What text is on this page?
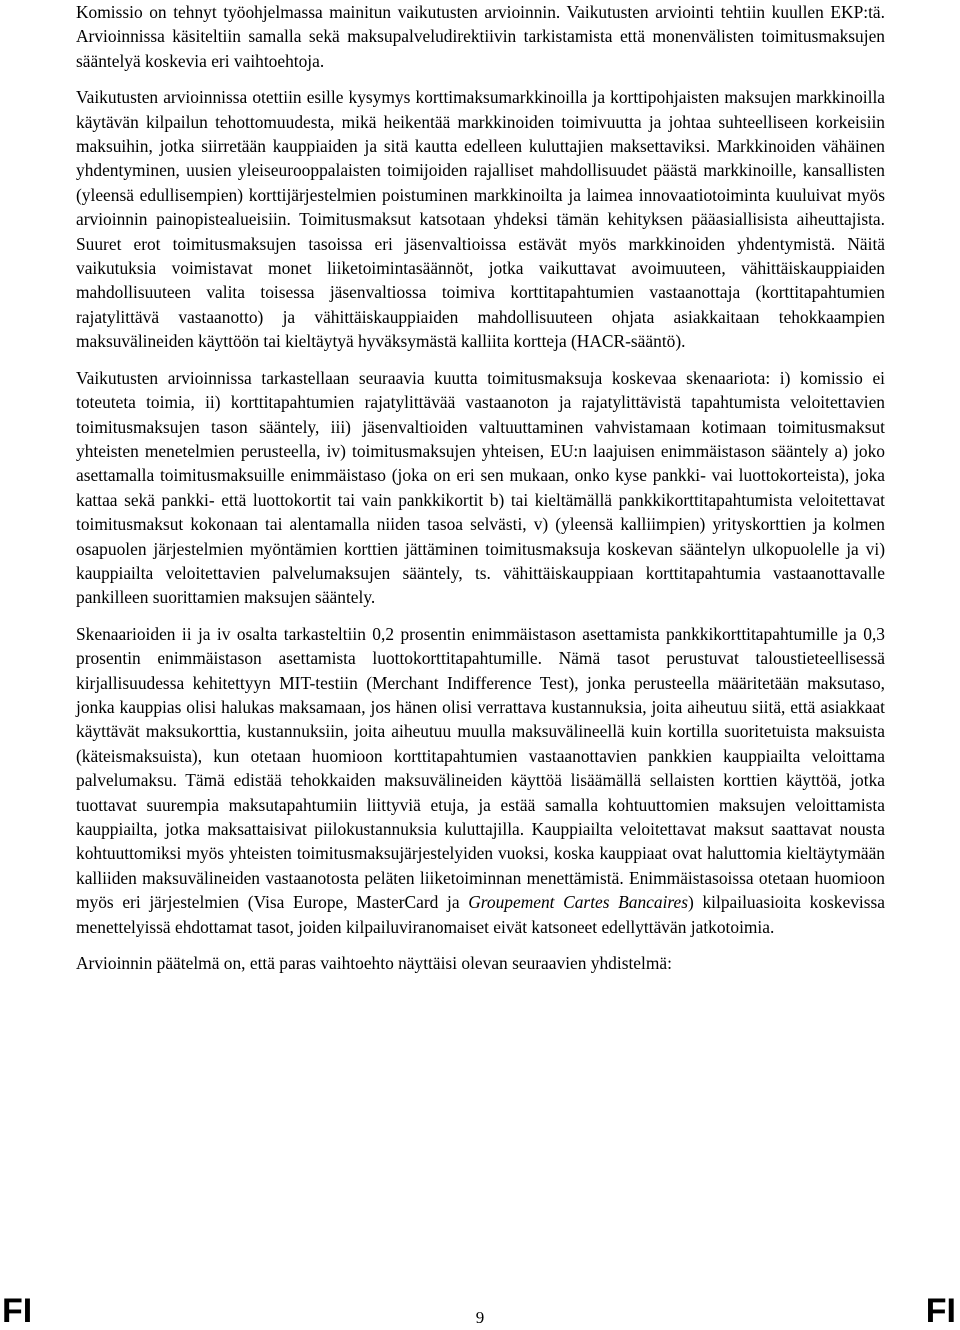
Komissio on tehnyt työohjelmassa mainitun vaikutusten arvioinnin. Vaikutusten arviointi tehtiin kuullen EKP:tä. Arvioinnissa käsiteltiin samalla sekä maksupalveludirektiivin tarkistamista että monenvälisten toimitusmaksujen sääntelyä koskevia eri vaihtoehtoja.

Vaikutusten arvioinnissa otettiin esille kysymys korttimaksumarkkinoilla ja korttipohjaisten maksujen markkinoilla käytävän kilpailun tehottomuudesta, mikä heikentää markkinoiden toimivuutta ja johtaa suhteelliseen korkeisiin maksuihin, jotka siirretään kauppiaiden ja sitä kautta edelleen kuluttajien maksettaviksi. Markkinoiden vähäinen yhdentyminen, uusien yleiseurooppalaisten toimijoiden rajalliset mahdollisuudet päästä markkinoille, kansallisten (yleensä edullisempien) korttijärjestelmien poistuminen markkinoilta ja laimea innovaatiotoiminta kuuluivat myös arvioinnin painopistealueisiin. Toimitusmaksut katsotaan yhdeksi tämän kehityksen pääasiallisista aiheuttajista. Suuret erot toimitusmaksujen tasoissa eri jäsenvaltioissa estävät myös markkinoiden yhdentymistä. Näitä vaikutuksia voimistavat monet liiketoimintasäännöt, jotka vaikuttavat avoimuuteen, vähittäiskauppiaiden mahdollisuuteen valita toisessa jäsenvaltiossa toimiva korttitapahtumien vastaanottaja (korttitapahtumien rajatylittävä vastaanotto) ja vähittäiskauppiaiden mahdollisuuteen ohjata asiakkaitaan tehokkaampien maksuvälineiden käyttöön tai kieltäytyä hyväksymästä kalliita kortteja (HACR-sääntö).

Vaikutusten arvioinnissa tarkastellaan seuraavia kuutta toimitusmaksuja koskevaa skenaariota: i) komissio ei toteuteta toimia, ii) korttitapahtumien rajatylittävää vastaanoton ja rajatylittävistä tapahtumista veloitettavien toimitusmaksujen tason sääntely, iii) jäsenvaltioiden valtuuttaminen vahvistamaan kotimaan toimitusmaksut yhteisten menetelmien perusteella, iv) toimitusmaksujen yhteisen, EU:n laajuisen enimmäistason sääntely a) joko asettamalla toimitusmaksuille enimmäistaso (joka on eri sen mukaan, onko kyse pankki- vai luottokorteista), joka kattaa sekä pankki- että luottokortit tai vain pankkikortit b) tai kieltämällä pankkikorttitapahtumista veloitettavat toimitusmaksut kokonaan tai alentamalla niiden tasoa selvästi, v) (yleensä kalliimpien) yrityskorttien ja kolmen osapuolen järjestelmien myöntämien korttien jättäminen toimitusmaksuja koskevan sääntelyn ulkopuolelle ja vi) kauppiailta veloitettavien palvelumaksujen sääntely, ts. vähittäiskauppiaan korttitapahtumia vastaanottavalle pankilleen suorittamien maksujen sääntely.

Skenaarioiden ii ja iv osalta tarkasteltiin 0,2 prosentin enimmäistason asettamista pankkikorttitapahtumille ja 0,3 prosentin enimmäistason asettamista luottokorttitapahtumille. Nämä tasot perustuvat taloustieteellisessä kirjallisuudessa kehitettyyn MIT-testiin (Merchant Indifference Test), jonka perusteella määritetään maksutaso, jonka kauppias olisi halukas maksamaan, jos hänen olisi verrattava kustannuksia, joita aiheutuu siitä, että asiakkaat käyttävät maksukorttia, kustannuksiin, joita aiheutuu muulla maksuvälineellä kuin kortilla suoritetuista maksuista (käteismaksuista), kun otetaan huomioon korttitapahtumien vastaanottavien pankkien kauppiailta veloittama palvelumaksu. Tämä edistää tehokkaiden maksuvälineiden käyttöä lisäämällä sellaisten korttien käyttöä, jotka tuottavat suurempia maksutapahtumiin liittyviä etuja, ja estää samalla kohtuuttomien maksujen veloittamista kauppiailta, jotka maksattaisivat piilokustannuksia kuluttajilla. Kauppiailta veloitettavat maksut saattavat nousta kohtuuttomiksi myös yhteisten toimitusmaksujärjestelyiden vuoksi, koska kauppiaat ovat haluttomia kieltäytymään kalliiden maksuvälineiden vastaanotosta peläten liiketoiminnan menettämistä. Enimmäistasoissa otetaan huomioon myös eri järjestelmien (Visa Europe, MasterCard ja Groupement Cartes Bancaires) kilpailuasioita koskevissa menettelyissä ehdottamat tasot, joiden kilpailuviranomaiset eivät katsoneet edellyttävän jatkotoimia.

Arvioinnin päätelmä on, että paras vaihtoehto näyttäisi olevan seuraavien yhdistelmä:

FI	9	FI
